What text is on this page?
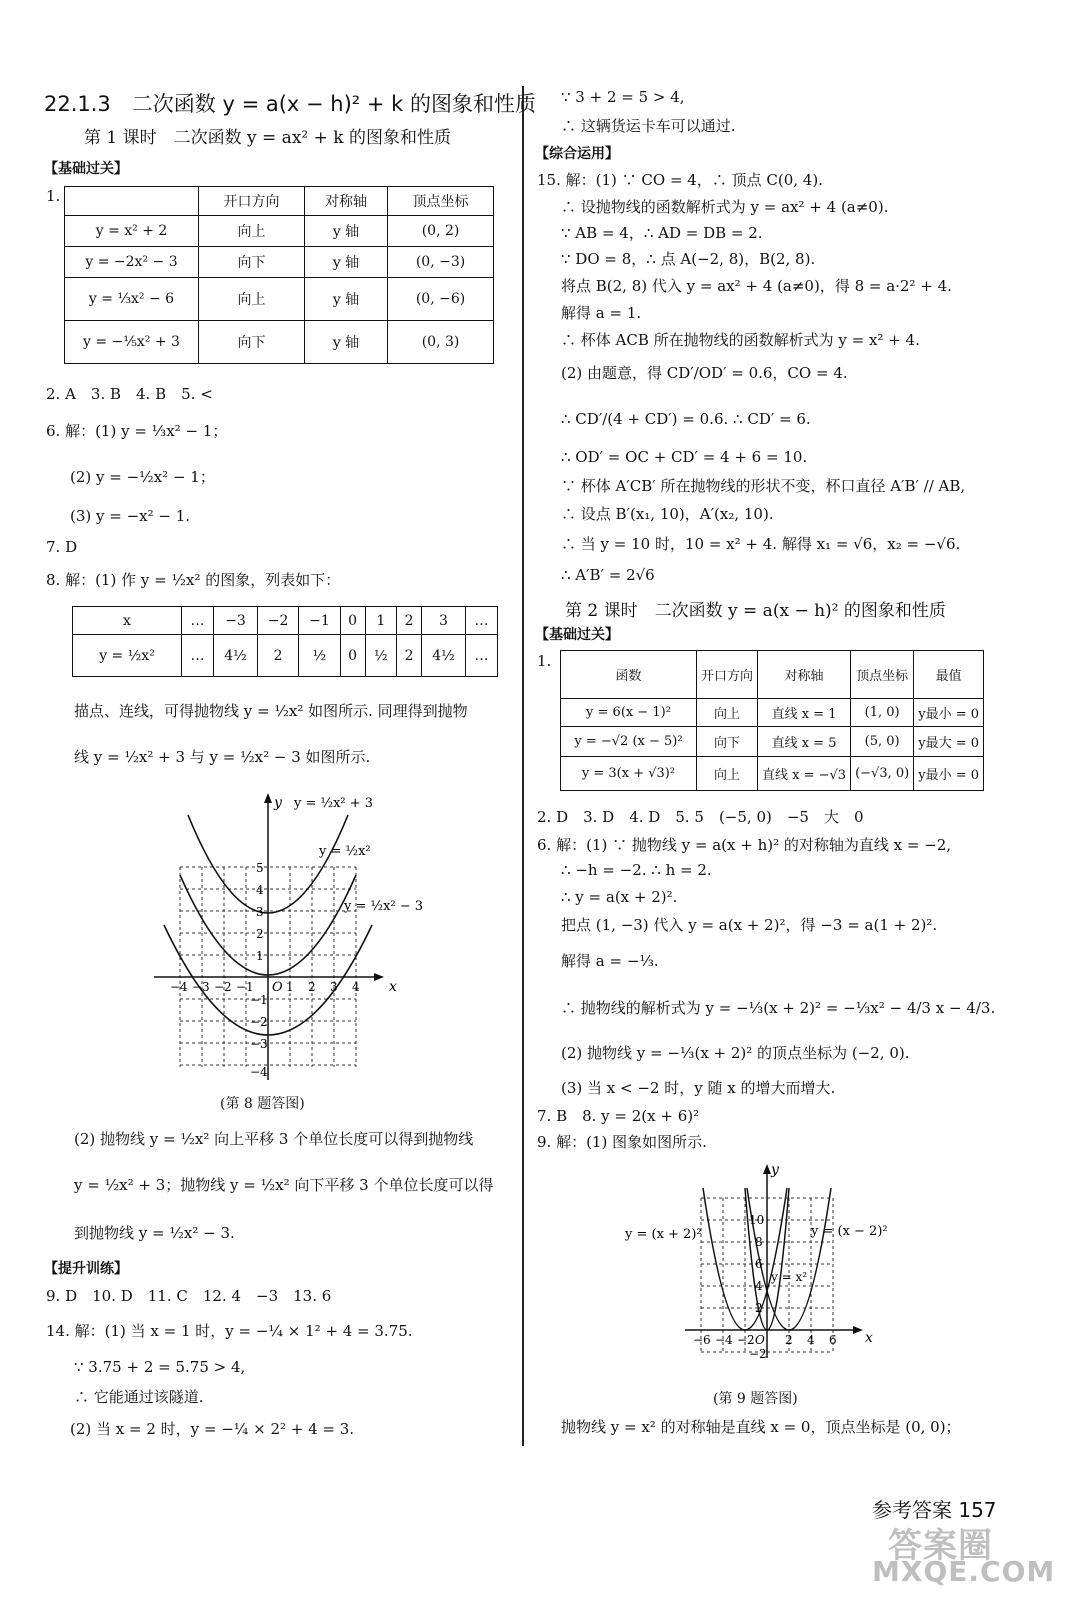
22.1.3　二次函数 y = a(x − h)² + k 的图象和性质
第 1 课时　二次函数 y = ax² + k 的图象和性质
【基础过关】
1.
		开口方向	对称轴	顶点坐标
y = x² + 2	向上	y 轴	(0, 2)
y = −2x² − 3	向下	y 轴	(0, −3)
y = ⅓x² − 6	向上	y 轴	(0, −6)
y = −⅕x² + 3	向下	y 轴	(0, 3)
2. A　3. B　4. B　5. <
6. 解：(1) y = ⅓x² − 1；
(2) y = −½x² − 1；
(3) y = −x² − 1.
7. D
8. 解：(1) 作 y = ½x² 的图象，列表如下：
x	…	−3	−2	−1	0	1	2	3	…
y = ½x²	…	4½	2	½	0	½	2	4½	…
描点、连线，可得抛物线 y = ½x² 如图所示. 同理得到抛物
线 y = ½x² + 3 与 y = ½x² − 3 如图所示.
y
x
y = ½x² + 3
y = ½x²
y = ½x² − 3
O
−4 −3 −2 −1	1 2 3 4
5
4
3
2
1
−1
−2
−3
−4
(第 8 题答图)
(2) 抛物线 y = ½x² 向上平移 3 个单位长度可以得到抛物线
y = ½x² + 3；抛物线 y = ½x² 向下平移 3 个单位长度可以得
到抛物线 y = ½x² − 3.
【提升训练】
9. D　10. D　11. C　12. 4　−3　13. 6
14. 解：(1) 当 x = 1 时，y = −¼ × 1² + 4 = 3.75.
∵ 3.75 + 2 = 5.75 > 4,
∴ 它能通过该隧道.
(2) 当 x = 2 时，y = −¼ × 2² + 4 = 3.
∵ 3 + 2 = 5 > 4,
∴ 这辆货运卡车可以通过.
【综合运用】
15. 解：(1) ∵ CO = 4，∴ 顶点 C(0, 4).
∴ 设抛物线的函数解析式为 y = ax² + 4 (a≠0).
∵ AB = 4，∴ AD = DB = 2.
∵ DO = 8，∴ 点 A(−2, 8)，B(2, 8).
将点 B(2, 8) 代入 y = ax² + 4 (a≠0)，得 8 = a·2² + 4.
解得 a = 1.
∴ 杯体 ACB 所在抛物线的函数解析式为 y = x² + 4.
(2) 由题意，得 CD′/OD′ = 0.6，CO = 4.
∴ CD′/(4 + CD′) = 0.6. ∴ CD′ = 6.
∴ OD′ = OC + CD′ = 4 + 6 = 10.
∵ 杯体 A′CB′ 所在抛物线的形状不变，杯口直径 A′B′ // AB,
∴ 设点 B′(x₁, 10)，A′(x₂, 10).
∴ 当 y = 10 时，10 = x² + 4. 解得 x₁ = √6，x₂ = −√6.
∴ A′B′ = 2√6
第 2 课时　二次函数 y = a(x − h)² 的图象和性质
【基础过关】
1.
函数	开口方向	对称轴	顶点坐标	最值
y = 6(x − 1)²	向上	直线 x = 1	(1, 0)	y最小 = 0
y = −√2 (x − 5)²	向下	直线 x = 5	(5, 0)	y最大 = 0
y = 3(x + √3)²	向上	直线 x = −√3	(−√3, 0)	y最小 = 0
2. D　3. D　4. D　5. 5　(−5, 0)　−5　大　0
6. 解：(1) ∵ 抛物线 y = a(x + h)² 的对称轴为直线 x = −2,
∴ −h = −2. ∴ h = 2.
∴ y = a(x + 2)².
把点 (1, −3) 代入 y = a(x + 2)²，得 −3 = a(1 + 2)².
解得 a = −⅓.
∴ 抛物线的解析式为 y = −⅓(x + 2)² = −⅓x² − 4/3 x − 4/3.
(2) 抛物线 y = −⅓(x + 2)² 的顶点坐标为 (−2, 0).
(3) 当 x < −2 时，y 随 x 的增大而增大.
7. B　8. y = 2(x + 6)²
9. 解：(1) 图象如图所示.
y
x
y = (x + 2)²	y = (x − 2)²
y = x²
O
−6 −4 −2	2 4 6
10
8
6
4
2
−2
(第 9 题答图)
抛物线 y = x² 的对称轴是直线 x = 0，顶点坐标是 (0, 0)；
参考答案 157
答案圈
MXQE.COM
